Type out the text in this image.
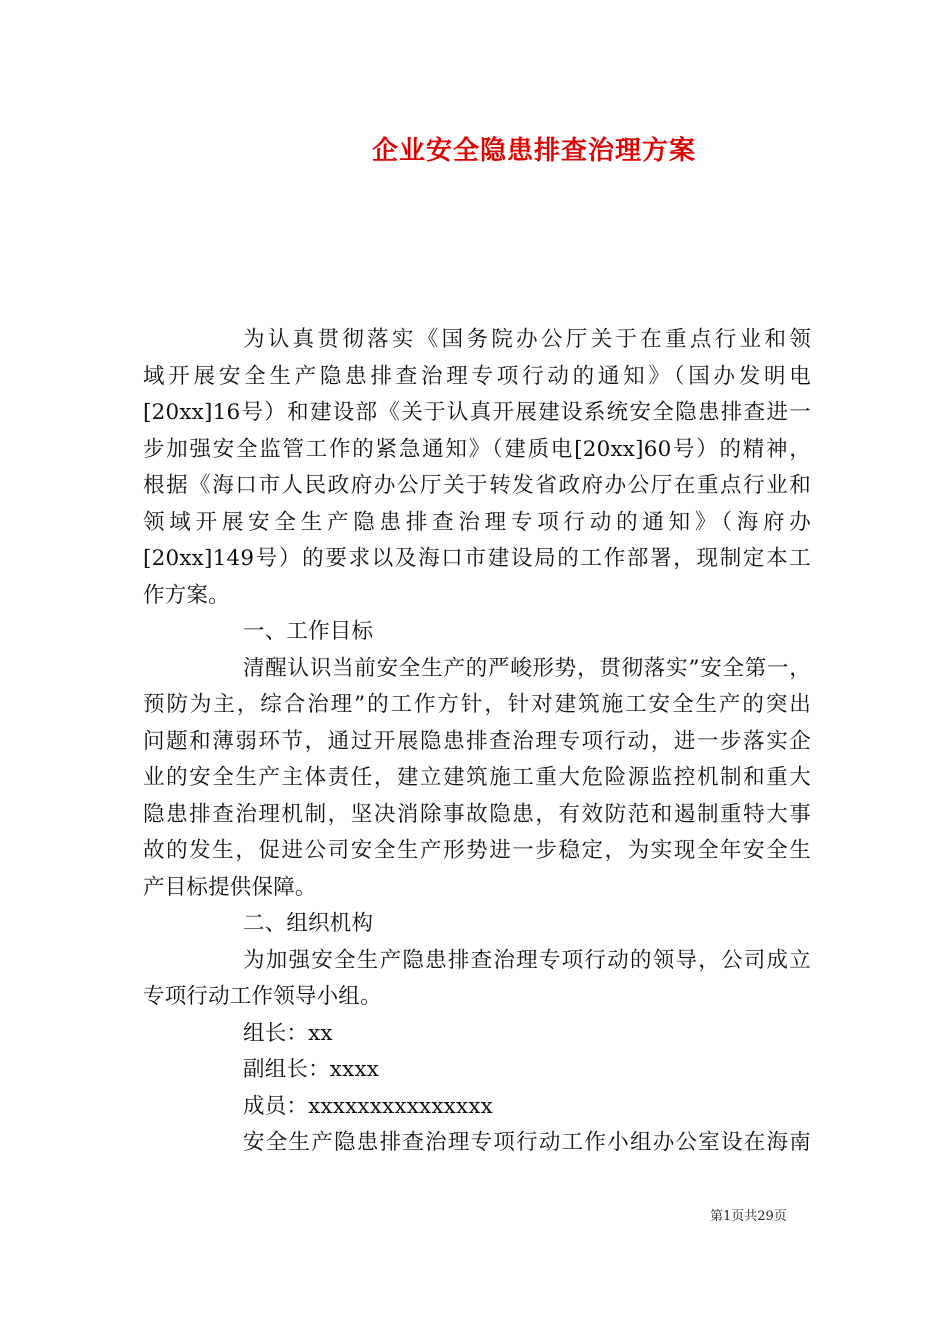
企业安全隐患排查治理方案
为认真贯彻落实《国务院办公厅关于在重点行业和领
域开展安全生产隐患排查治理专项行动的通知》（国办发明电
[20xx]16号）和建设部《关于认真开展建设系统安全隐患排查进一
步加强安全监管工作的紧急通知》（建质电[20xx]60号）的精神，
根据《海口市人民政府办公厅关于转发省政府办公厅在重点行业和
领域开展安全生产隐患排查治理专项行动的通知》（海府办
[20xx]149号）的要求以及海口市建设局的工作部署，现制定本工
作方案。
一、工作目标
清醒认识当前安全生产的严峻形势，贯彻落实”安全第一，
预防为主，综合治理”的工作方针，针对建筑施工安全生产的突出
问题和薄弱环节，通过开展隐患排查治理专项行动，进一步落实企
业的安全生产主体责任，建立建筑施工重大危险源监控机制和重大
隐患排查治理机制，坚决消除事故隐患，有效防范和遏制重特大事
故的发生，促进公司安全生产形势进一步稳定，为实现全年安全生
产目标提供保障。
二、组织机构
为加强安全生产隐患排查治理专项行动的领导，公司成立
专项行动工作领导小组。
组长：xx
副组长：xxxx
成员：xxxxxxxxxxxxxxx
安全生产隐患排查治理专项行动工作小组办公室设在海南
第1页共29页
